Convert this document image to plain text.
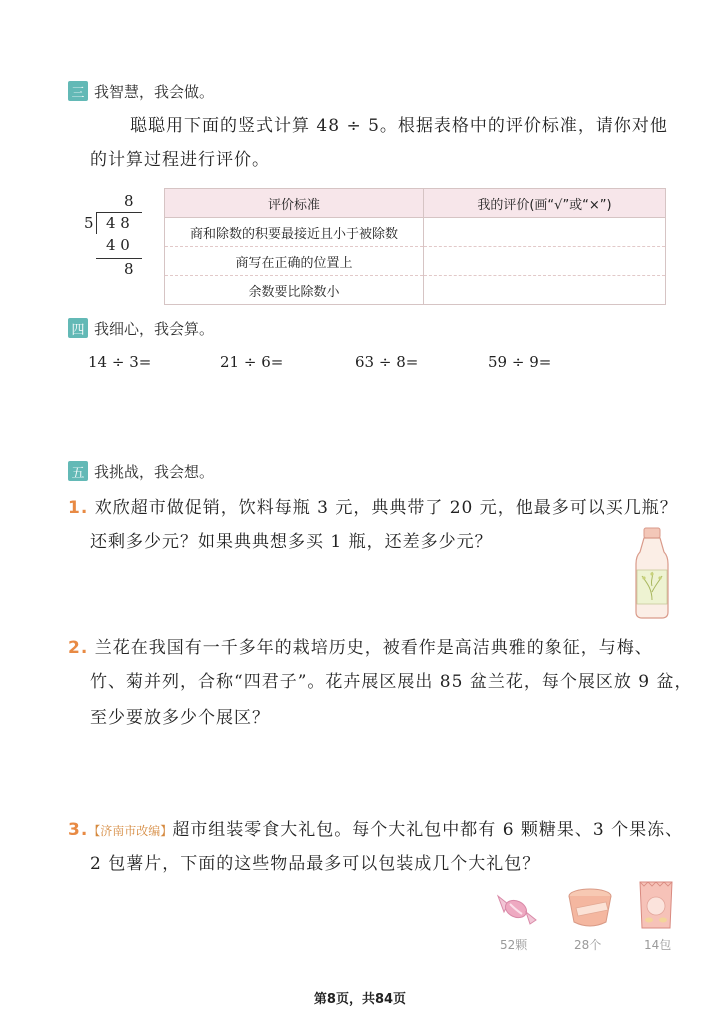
三 我智慧，我会做。
聪聪用下面的竖式计算 48 ÷ 5。根据表格中的评价标准，请你对他
的计算过程进行评价。
8
5 4 8
4 0
8
评价标准	我的评价(画“√”或“×”)
商和除数的积要最接近且小于被除数	
商写在正确的位置上	
余数要比除数小	
四 我细心，我会算。
14 ÷ 3=	21 ÷ 6=	63 ÷ 8=	59 ÷ 9=
五 我挑战，我会想。
1. 欢欣超市做促销，饮料每瓶 3 元，典典带了 20 元，他最多可以买几瓶？
还剩多少元？如果典典想多买 1 瓶，还差多少元？
2. 兰花在我国有一千多年的栽培历史，被看作是高洁典雅的象征，与梅、
竹、菊并列，合称“四君子”。花卉展区展出 85 盆兰花，每个展区放 9 盆，
至少要放多少个展区？
3.【济南市改编】超市组装零食大礼包。每个大礼包中都有 6 颗糖果、3 个果冻、
2 包薯片，下面的这些物品最多可以包装成几个大礼包？
52颗	28个	14包
第8页，共84页
